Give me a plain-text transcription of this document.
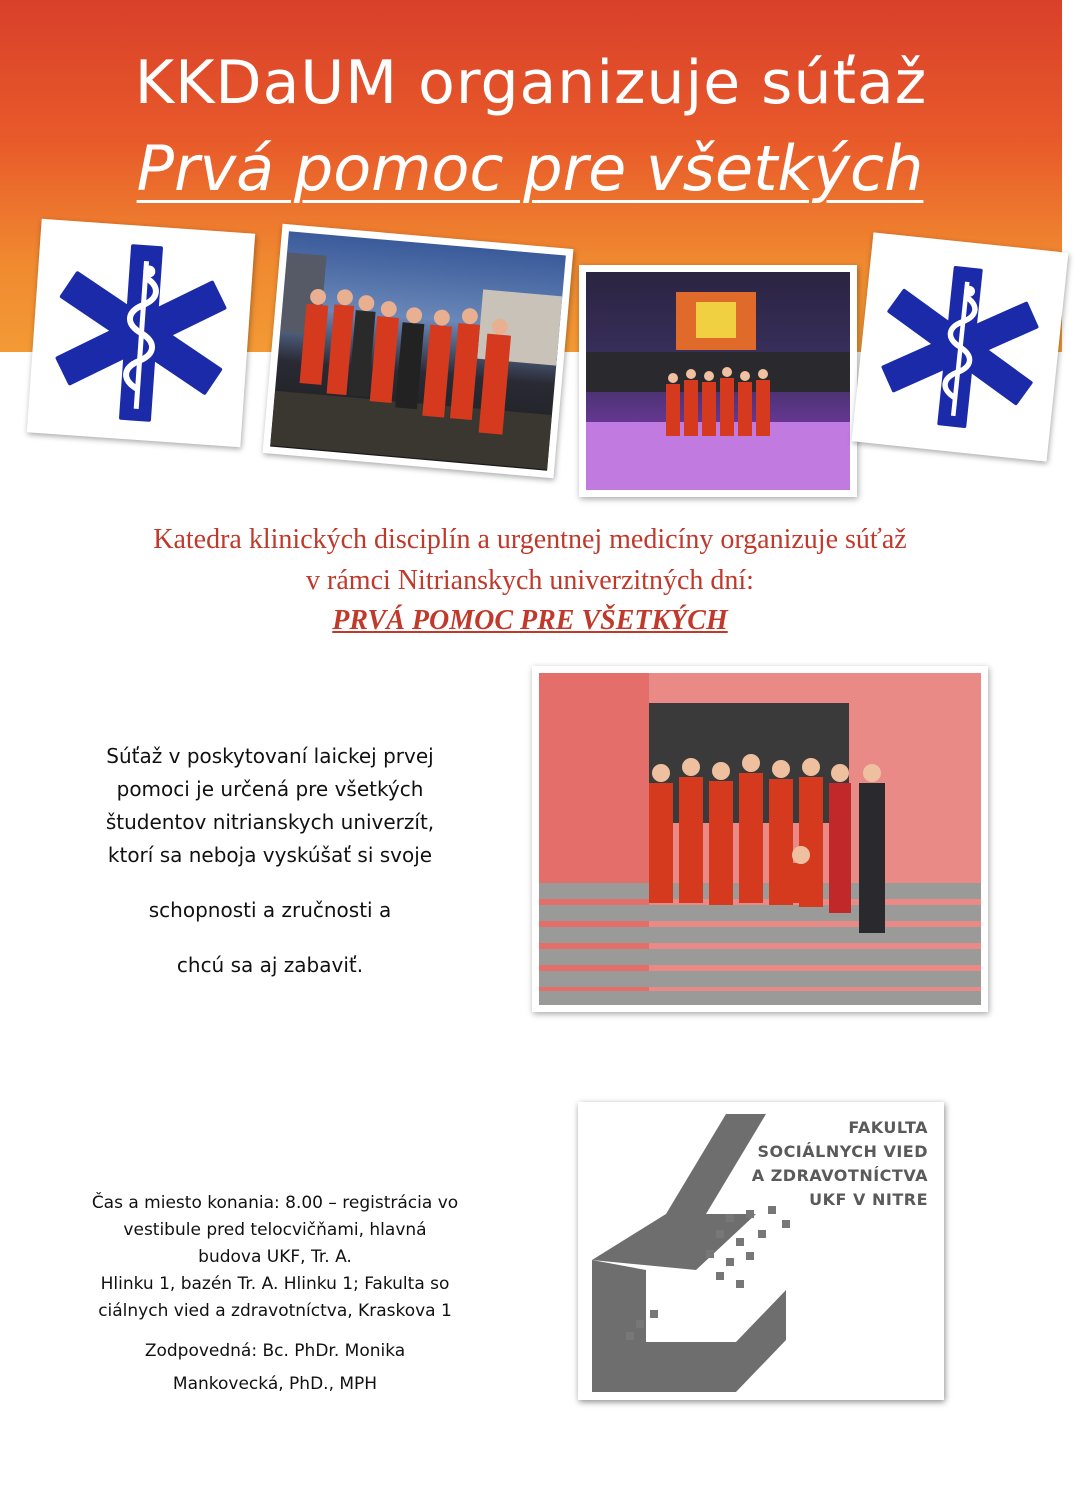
KKDaUM organizuje súťaž
Prvá pomoc pre všetkých
Katedra klinických disciplín a urgentnej medicíny organizuje súťaž
v rámci Nitrianskych univerzitných dní:
PRVÁ POMOC PRE VŠETKÝCH

Súťaž v poskytovaní laickej prvej

pomoci je určená pre všetkých

študentov nitrianskych univerzít,

ktorí sa neboja vyskúšať si svoje

schopnosti a zručnosti a

chcú sa aj zabaviť.

Čas a miesto konania: 8.00 – registrácia vo

vestibule pred telocvičňami, hlavná

budova UKF, Tr. A.

Hlinku 1, bazén Tr. A. Hlinku 1; Fakulta so

ciálnych vied a zdravotníctva, Kraskova 1

Zodpovedná: Bc. PhDr. Monika

Mankovecká, PhD., MPH

FAKULTA
SOCIÁLNYCH VIED
A ZDRAVOTNÍCTVA
UKF V NITRE
